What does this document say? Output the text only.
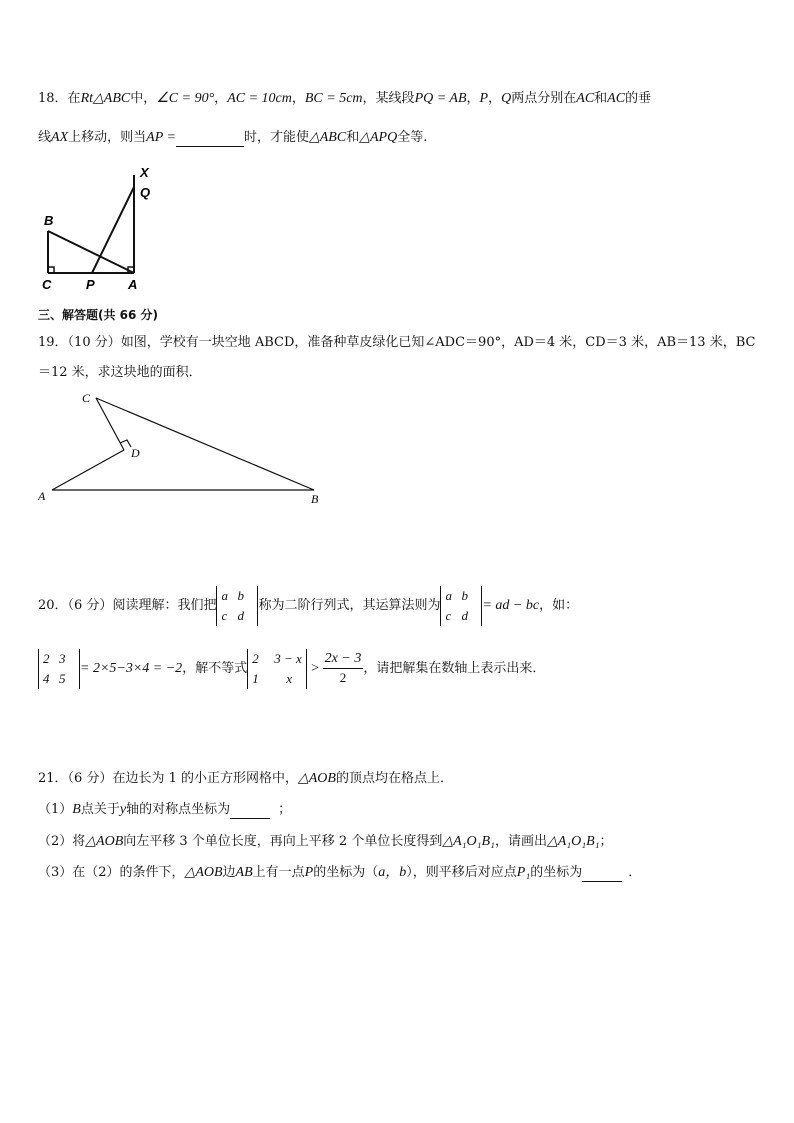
18．在Rt△ABC中，∠C = 90°，AC = 10cm，BC = 5cm，某线段PQ = AB，P，Q两点分别在AC和AC的垂
线AX上移动，则当AP =	时，才能使△ABC和△APQ全等.
X
Q
B
C	P	A
三、解答题(共 66 分)
19．（10 分）如图，学校有一块空地 ABCD，准备种草皮绿化已知∠ADC＝90°，AD＝4 米，CD＝3 米，AB＝13 米，BC
＝12 米，求这块地的面积．
C
D
A	B
20．（6 分）阅读理解：我们把
a b
c d
称为二阶行列式，其运算法则为
a b
c d
= ad − bc，如：
2 3
4 5
= 2×5−3×4 = −2，解不等式
2 3 − x
1 x
> $\frac{2x - 3}{2}$ ，请把解集在数轴上表示出来．
21．（6 分）在边长为 1 的小正方形网格中，△AOB的顶点均在格点上．
（1）B点关于y轴的对称点坐标为	；
（2）将△AOB向左平移 3 个单位长度，再向上平移 2 个单位长度得到△A₁O₁B₁，请画出△A₁O₁B₁；
（3）在（2）的条件下，△AOB边AB上有一点P的坐标为（a，b），则平移后对应点P₁的坐标为	．
